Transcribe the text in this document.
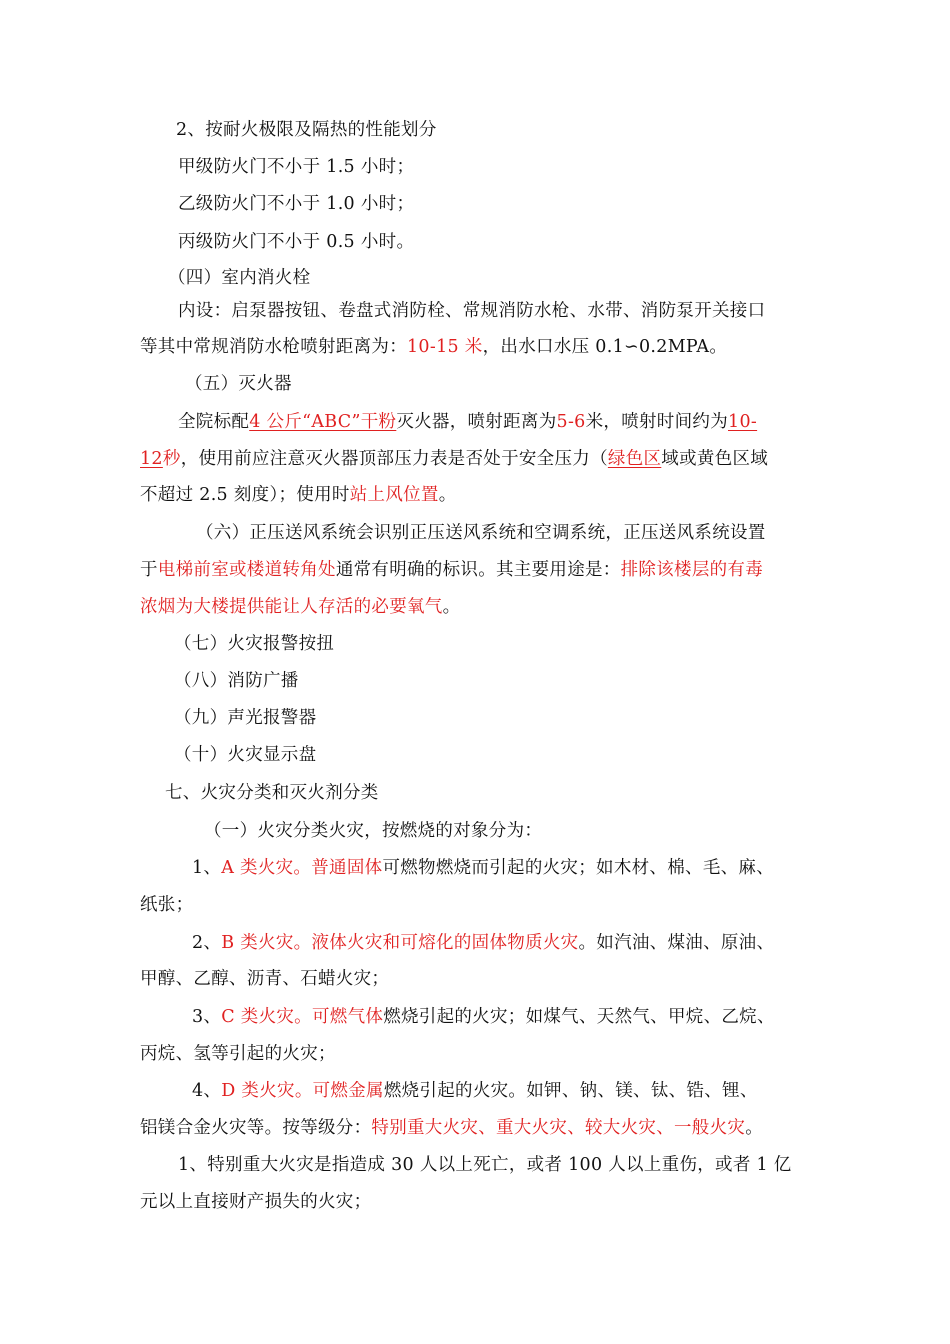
2、按耐火极限及隔热的性能划分
甲级防火门不小于 1.5 小时；
乙级防火门不小于 1.0 小时；
丙级防火门不小于 0.5 小时。
（四）室内消火栓
内设：启泵器按钮、卷盘式消防栓、常规消防水枪、水带、消防泵开关接口
等其中常规消防水枪喷射距离为：10-15 米，出水口水压 0.1∽0.2MPA。
（五）灭火器
全院标配4 公斤“ABC”干粉灭火器，喷射距离为5-6米，喷射时间约为10-
12秒，使用前应注意灭火器顶部压力表是否处于安全压力（绿色区域或黄色区域
不超过 2.5 刻度）；使用时站上风位置。
（六）正压送风系统会识别正压送风系统和空调系统，正压送风系统设置
于电梯前室或楼道转角处通常有明确的标识。其主要用途是：排除该楼层的有毒
浓烟为大楼提供能让人存活的必要氧气。
（七）火灾报警按扭
（八）消防广播
（九）声光报警器
（十）火灾显示盘
七、火灾分类和灭火剂分类
（一）火灾分类火灾，按燃烧的对象分为：
1、A 类火灾。普通固体可燃物燃烧而引起的火灾；如木材、棉、毛、麻、
纸张；
2、B 类火灾。液体火灾和可熔化的固体物质火灾。如汽油、煤油、原油、
甲醇、乙醇、沥青、石蜡火灾；
3、C 类火灾。可燃气体燃烧引起的火灾；如煤气、天然气、甲烷、乙烷、
丙烷、氢等引起的火灾；
4、D 类火灾。可燃金属燃烧引起的火灾。如钾、钠、镁、钛、锆、锂、
铝镁合金火灾等。按等级分：特别重大火灾、重大火灾、较大火灾、一般火灾。
1、特别重大火灾是指造成 30 人以上死亡，或者 100 人以上重伤，或者 1 亿
元以上直接财产损失的火灾；
